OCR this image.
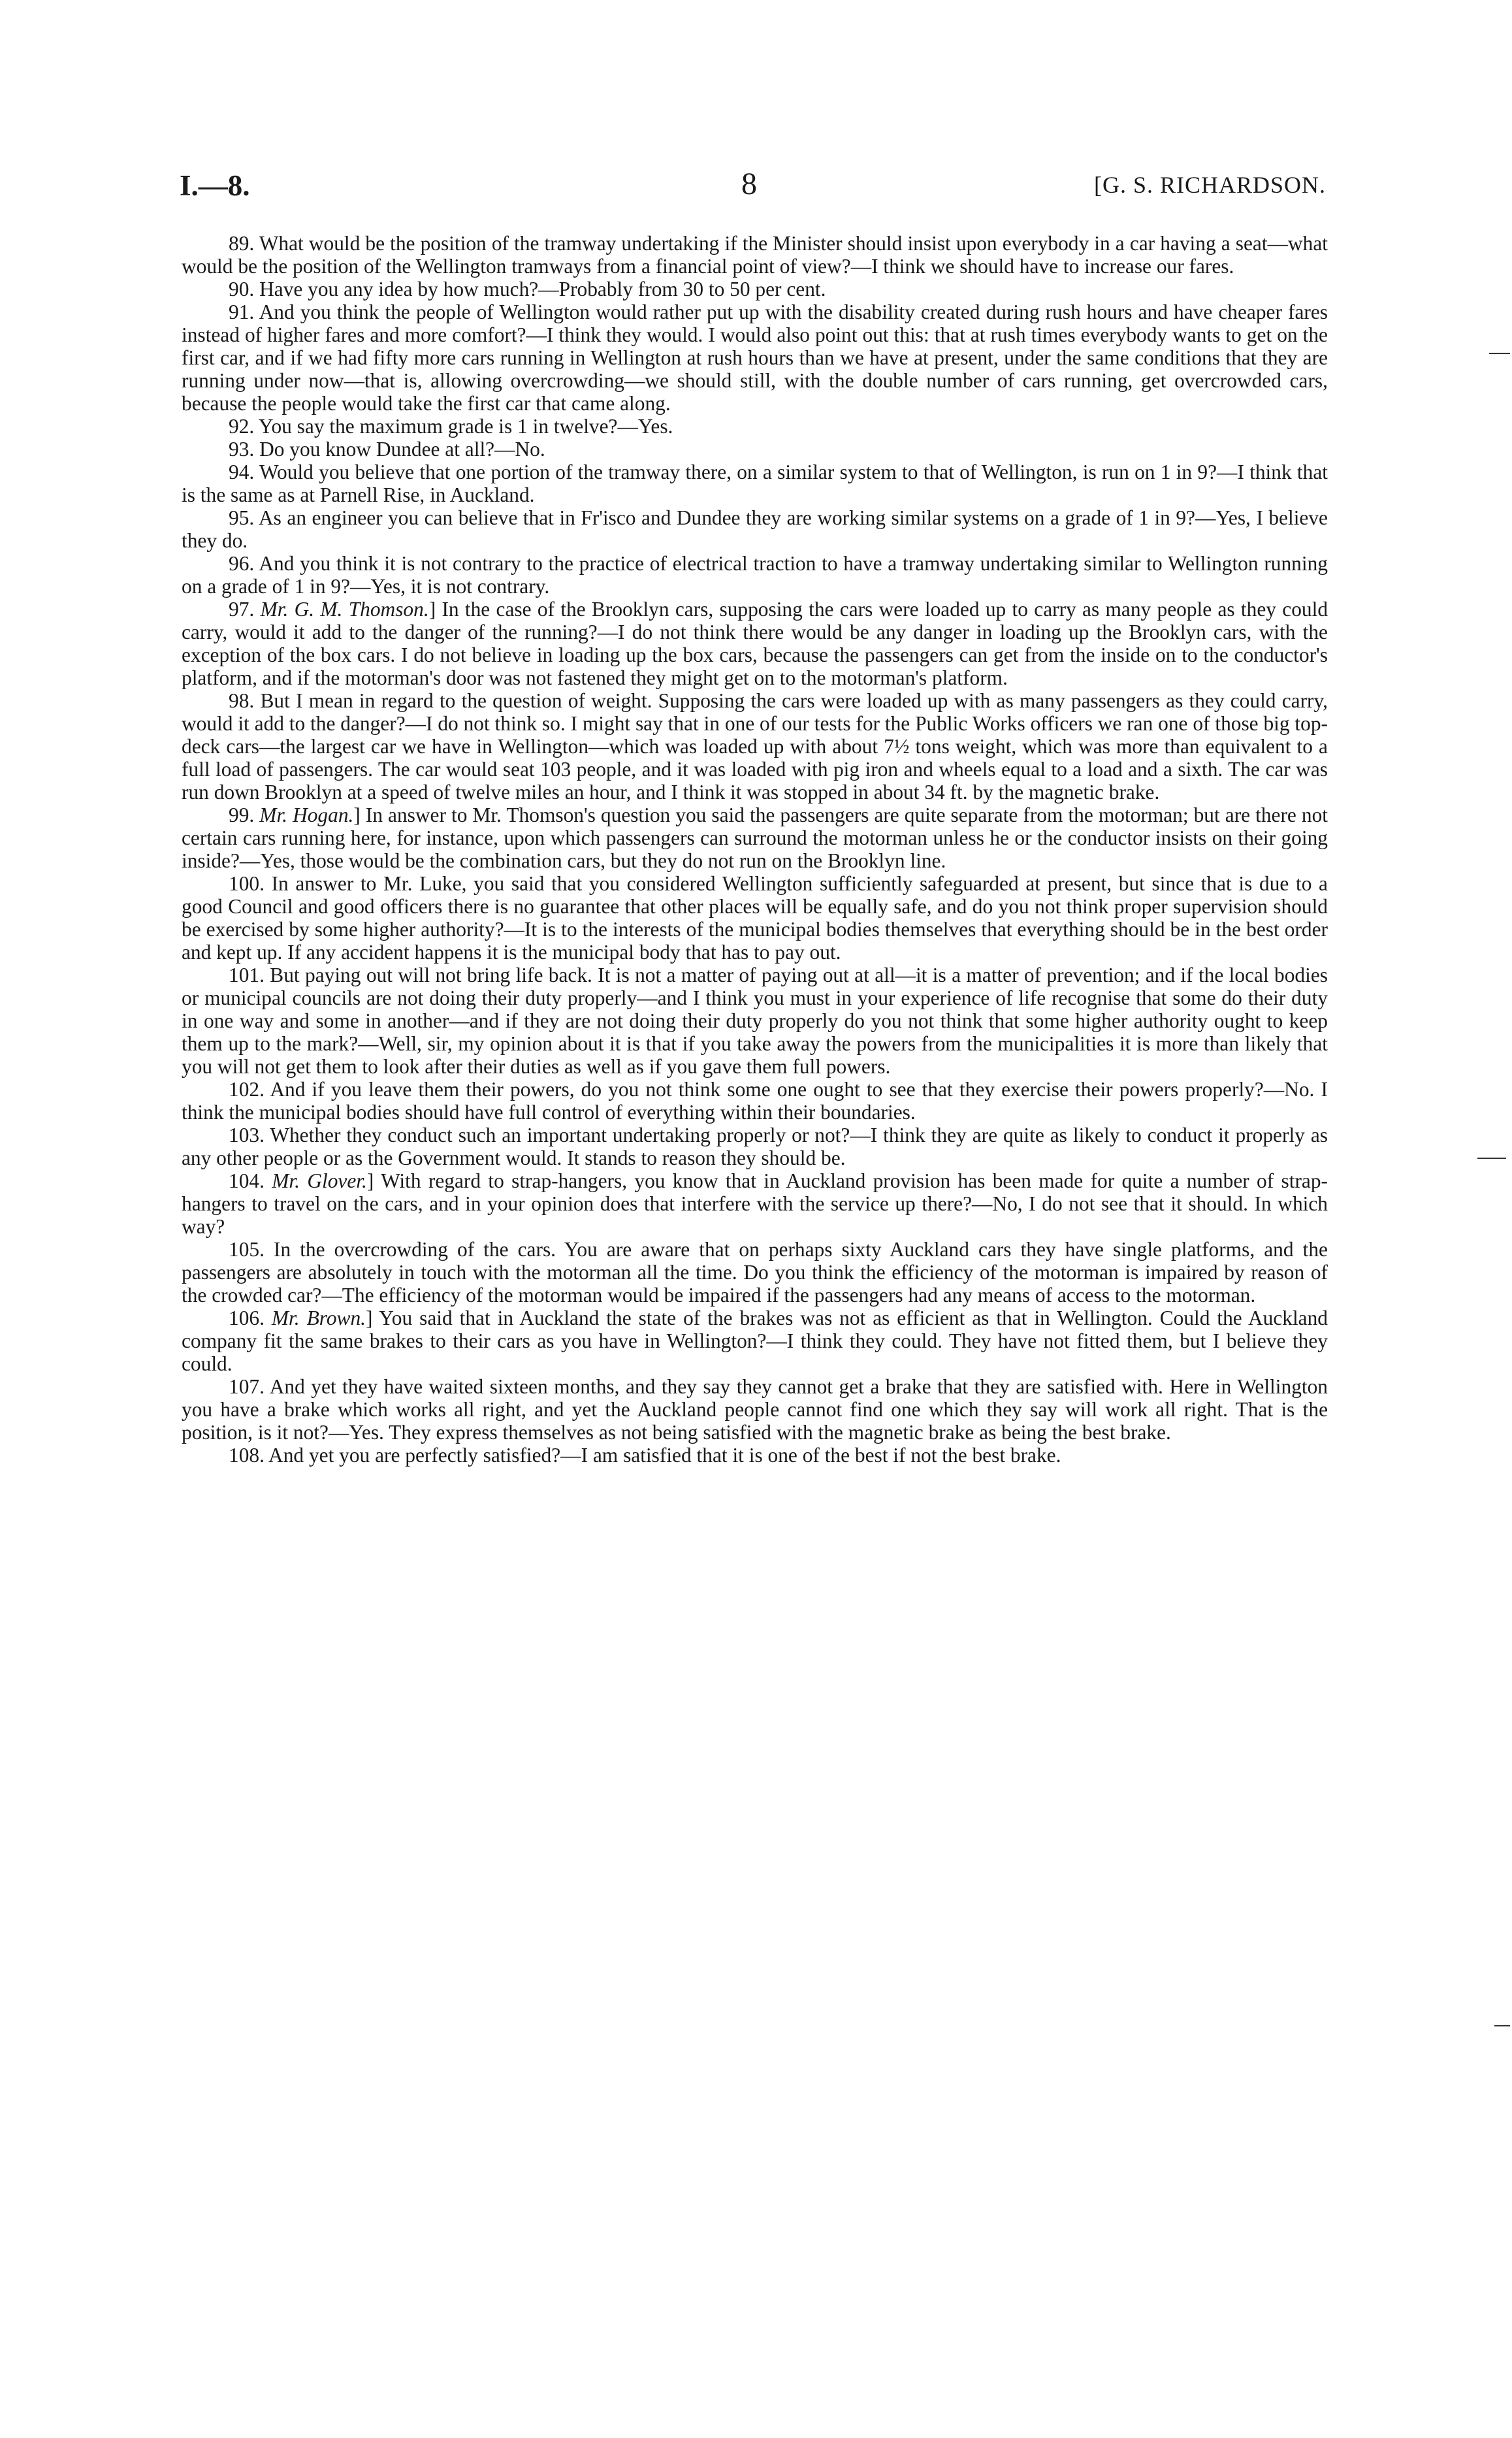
I.—8.	8	[G. S. RICHARDSON.

89. What would be the position of the tramway undertaking if the Minister should insist upon everybody in a car having a seat—what would be the position of the Wellington tramways from a financial point of view?—I think we should have to increase our fares.

90. Have you any idea by how much?—Probably from 30 to 50 per cent.

91. And you think the people of Wellington would rather put up with the disability created during rush hours and have cheaper fares instead of higher fares and more comfort?—I think they would. I would also point out this: that at rush times everybody wants to get on the first car, and if we had fifty more cars running in Wellington at rush hours than we have at present, under the same conditions that they are running under now—that is, allowing overcrowding—we should still, with the double number of cars running, get overcrowded cars, because the people would take the first car that came along.

92. You say the maximum grade is 1 in twelve?—Yes.

93. Do you know Dundee at all?—No.

94. Would you believe that one portion of the tramway there, on a similar system to that of Wellington, is run on 1 in 9?—I think that is the same as at Parnell Rise, in Auckland.

95. As an engineer you can believe that in Fr'isco and Dundee they are working similar systems on a grade of 1 in 9?—Yes, I believe they do.

96. And you think it is not contrary to the practice of electrical traction to have a tramway undertaking similar to Wellington running on a grade of 1 in 9?—Yes, it is not contrary.

97. Mr. G. M. Thomson.] In the case of the Brooklyn cars, supposing the cars were loaded up to carry as many people as they could carry, would it add to the danger of the running?—I do not think there would be any danger in loading up the Brooklyn cars, with the exception of the box cars. I do not believe in loading up the box cars, because the passengers can get from the inside on to the conductor's platform, and if the motorman's door was not fastened they might get on to the motorman's platform.

98. But I mean in regard to the question of weight. Supposing the cars were loaded up with as many passengers as they could carry, would it add to the danger?—I do not think so. I might say that in one of our tests for the Public Works officers we ran one of those big top-deck cars—the largest car we have in Wellington—which was loaded up with about 7½ tons weight, which was more than equivalent to a full load of passengers. The car would seat 103 people, and it was loaded with pig iron and wheels equal to a load and a sixth. The car was run down Brooklyn at a speed of twelve miles an hour, and I think it was stopped in about 34 ft. by the magnetic brake.

99. Mr. Hogan.] In answer to Mr. Thomson's question you said the passengers are quite separate from the motorman; but are there not certain cars running here, for instance, upon which passengers can surround the motorman unless he or the conductor insists on their going inside?—Yes, those would be the combination cars, but they do not run on the Brooklyn line.

100. In answer to Mr. Luke, you said that you considered Wellington sufficiently safeguarded at present, but since that is due to a good Council and good officers there is no guarantee that other places will be equally safe, and do you not think proper supervision should be exercised by some higher authority?—It is to the interests of the municipal bodies themselves that everything should be in the best order and kept up. If any accident happens it is the municipal body that has to pay out.

101. But paying out will not bring life back. It is not a matter of paying out at all—it is a matter of prevention; and if the local bodies or municipal councils are not doing their duty properly—and I think you must in your experience of life recognise that some do their duty in one way and some in another—and if they are not doing their duty properly do you not think that some higher authority ought to keep them up to the mark?—Well, sir, my opinion about it is that if you take away the powers from the municipalities it is more than likely that you will not get them to look after their duties as well as if you gave them full powers.

102. And if you leave them their powers, do you not think some one ought to see that they exercise their powers properly?—No. I think the municipal bodies should have full control of everything within their boundaries.

103. Whether they conduct such an important undertaking properly or not?—I think they are quite as likely to conduct it properly as any other people or as the Government would. It stands to reason they should be.

104. Mr. Glover.] With regard to strap-hangers, you know that in Auckland provision has been made for quite a number of strap-hangers to travel on the cars, and in your opinion does that interfere with the service up there?—No, I do not see that it should. In which way?

105. In the overcrowding of the cars. You are aware that on perhaps sixty Auckland cars they have single platforms, and the passengers are absolutely in touch with the motorman all the time. Do you think the efficiency of the motorman is impaired by reason of the crowded car?—The efficiency of the motorman would be impaired if the passengers had any means of access to the motorman.

106. Mr. Brown.] You said that in Auckland the state of the brakes was not as efficient as that in Wellington. Could the Auckland company fit the same brakes to their cars as you have in Wellington?—I think they could. They have not fitted them, but I believe they could.

107. And yet they have waited sixteen months, and they say they cannot get a brake that they are satisfied with. Here in Wellington you have a brake which works all right, and yet the Auckland people cannot find one which they say will work all right. That is the position, is it not?—Yes. They express themselves as not being satisfied with the magnetic brake as being the best brake.

108. And yet you are perfectly satisfied?—I am satisfied that it is one of the best if not the best brake.
